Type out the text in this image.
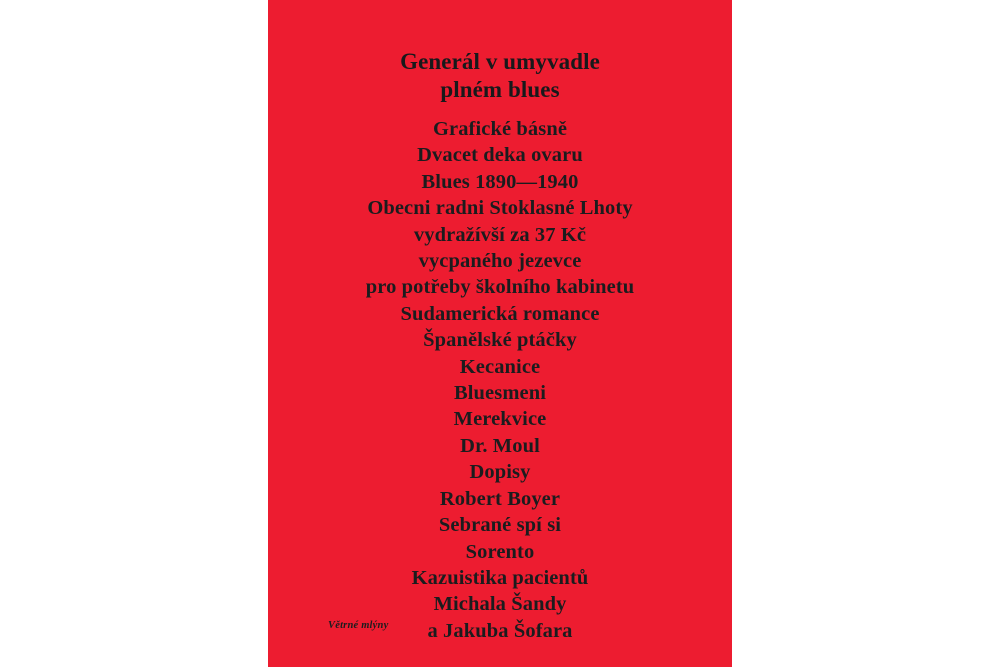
Generál v umyvadle
plném blues
Grafické básně
Dvacet deka ovaru
Blues 1890—1940
Obecni radni Stoklasné Lhoty
vydražívší za 37 Kč
vycpaného jezevce
pro potřeby školního kabinetu
Sudamerická romance
Španělské ptáčky
Kecanice
Bluesmeni
Merekvice
Dr. Moul
Dopisy
Robert Boyer
Sebrané spí si
Sorento
Kazuistika pacientů
Michala Šandy
a Jakuba Šofara
Větrné mlýny
